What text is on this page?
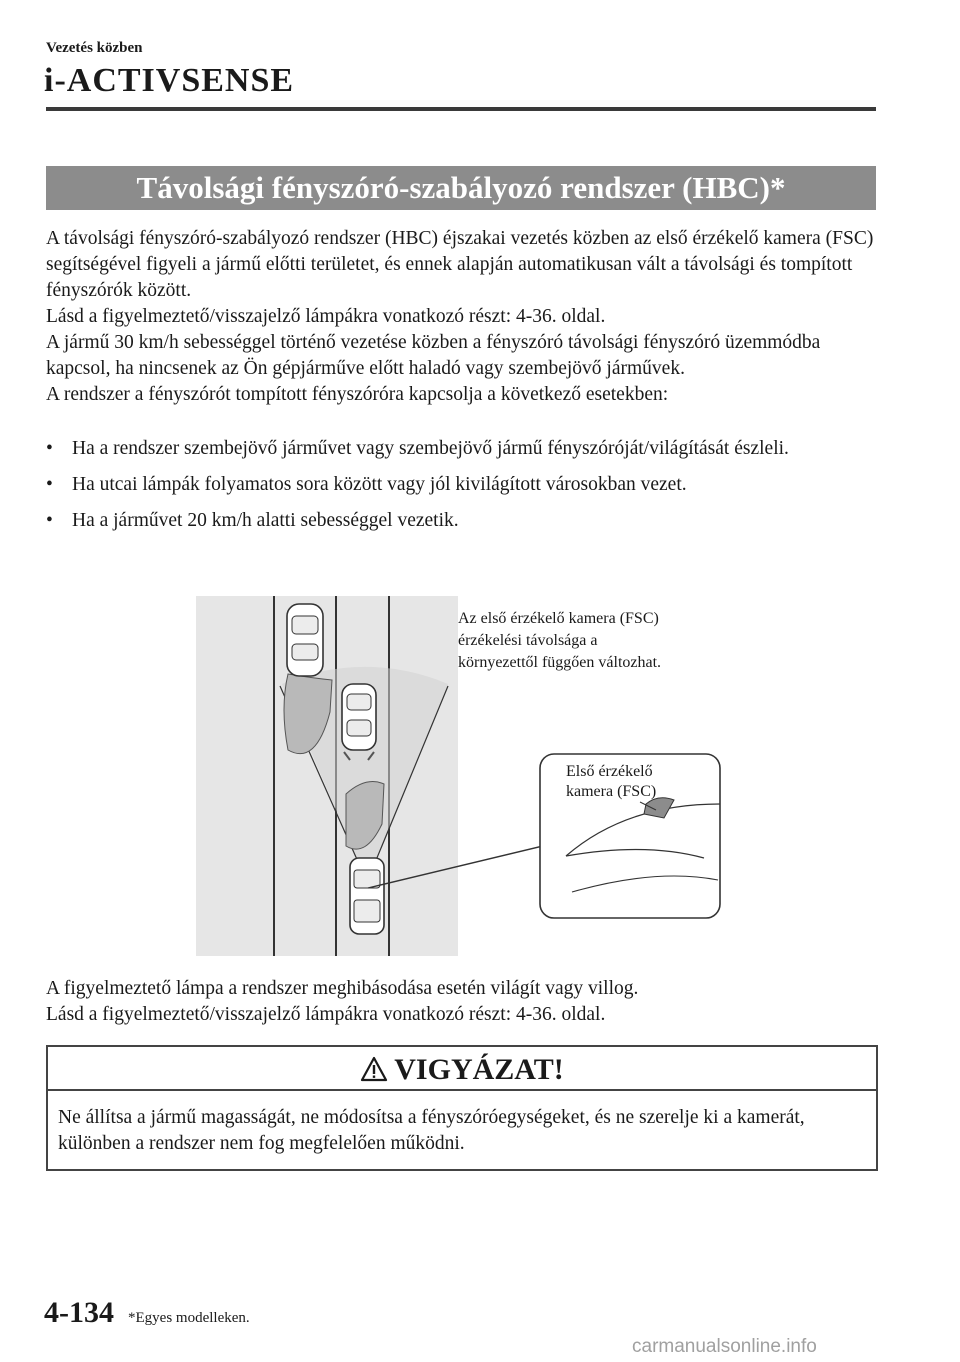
Vezetés közben
i-ACTIVSENSE
Távolsági fényszóró-szabályozó rendszer (HBC)*

A távolsági fényszóró-szabályozó rendszer (HBC) éjszakai vezetés közben az első érzékelő kamera (FSC) segítségével figyeli a jármű előtti területet, és ennek alapján automatikusan vált a távolsági és tompított fényszórók között.

Lásd a figyelmeztető/visszajelző lámpákra vonatkozó részt: 4-36. oldal.

A jármű 30 km/h sebességgel történő vezetése közben a fényszóró távolsági fényszóró üzemmódba kapcsol, ha nincsenek az Ön gépjárműve előtt haladó vagy szembejövő járművek.

A rendszer a fényszórót tompított fényszóróra kapcsolja a következő esetekben:

• Ha a rendszer szembejövő járművet vagy szembejövő jármű fényszóróját/világítását észleli.
• Ha utcai lámpák folyamatos sora között vagy jól kivilágított városokban vezet.
• Ha a járművet 20 km/h alatti sebességgel vezetik.
Az első érzékelő kamera (FSC)
érzékelési távolsága a
környezettől függően változhat.
Első érzékelő
kamera (FSC)

A figyelmeztető lámpa a rendszer meghibásodása esetén világít vagy villog.

Lásd a figyelmeztető/visszajelző lámpákra vonatkozó részt: 4-36. oldal.

VIGYÁZAT!
Ne állítsa a jármű magasságát, ne módosítsa a fényszóróegységeket, és ne szerelje ki a kamerát, különben a rendszer nem fog megfelelően működni.
4-134 *Egyes modelleken.
carmanualsonline.info
